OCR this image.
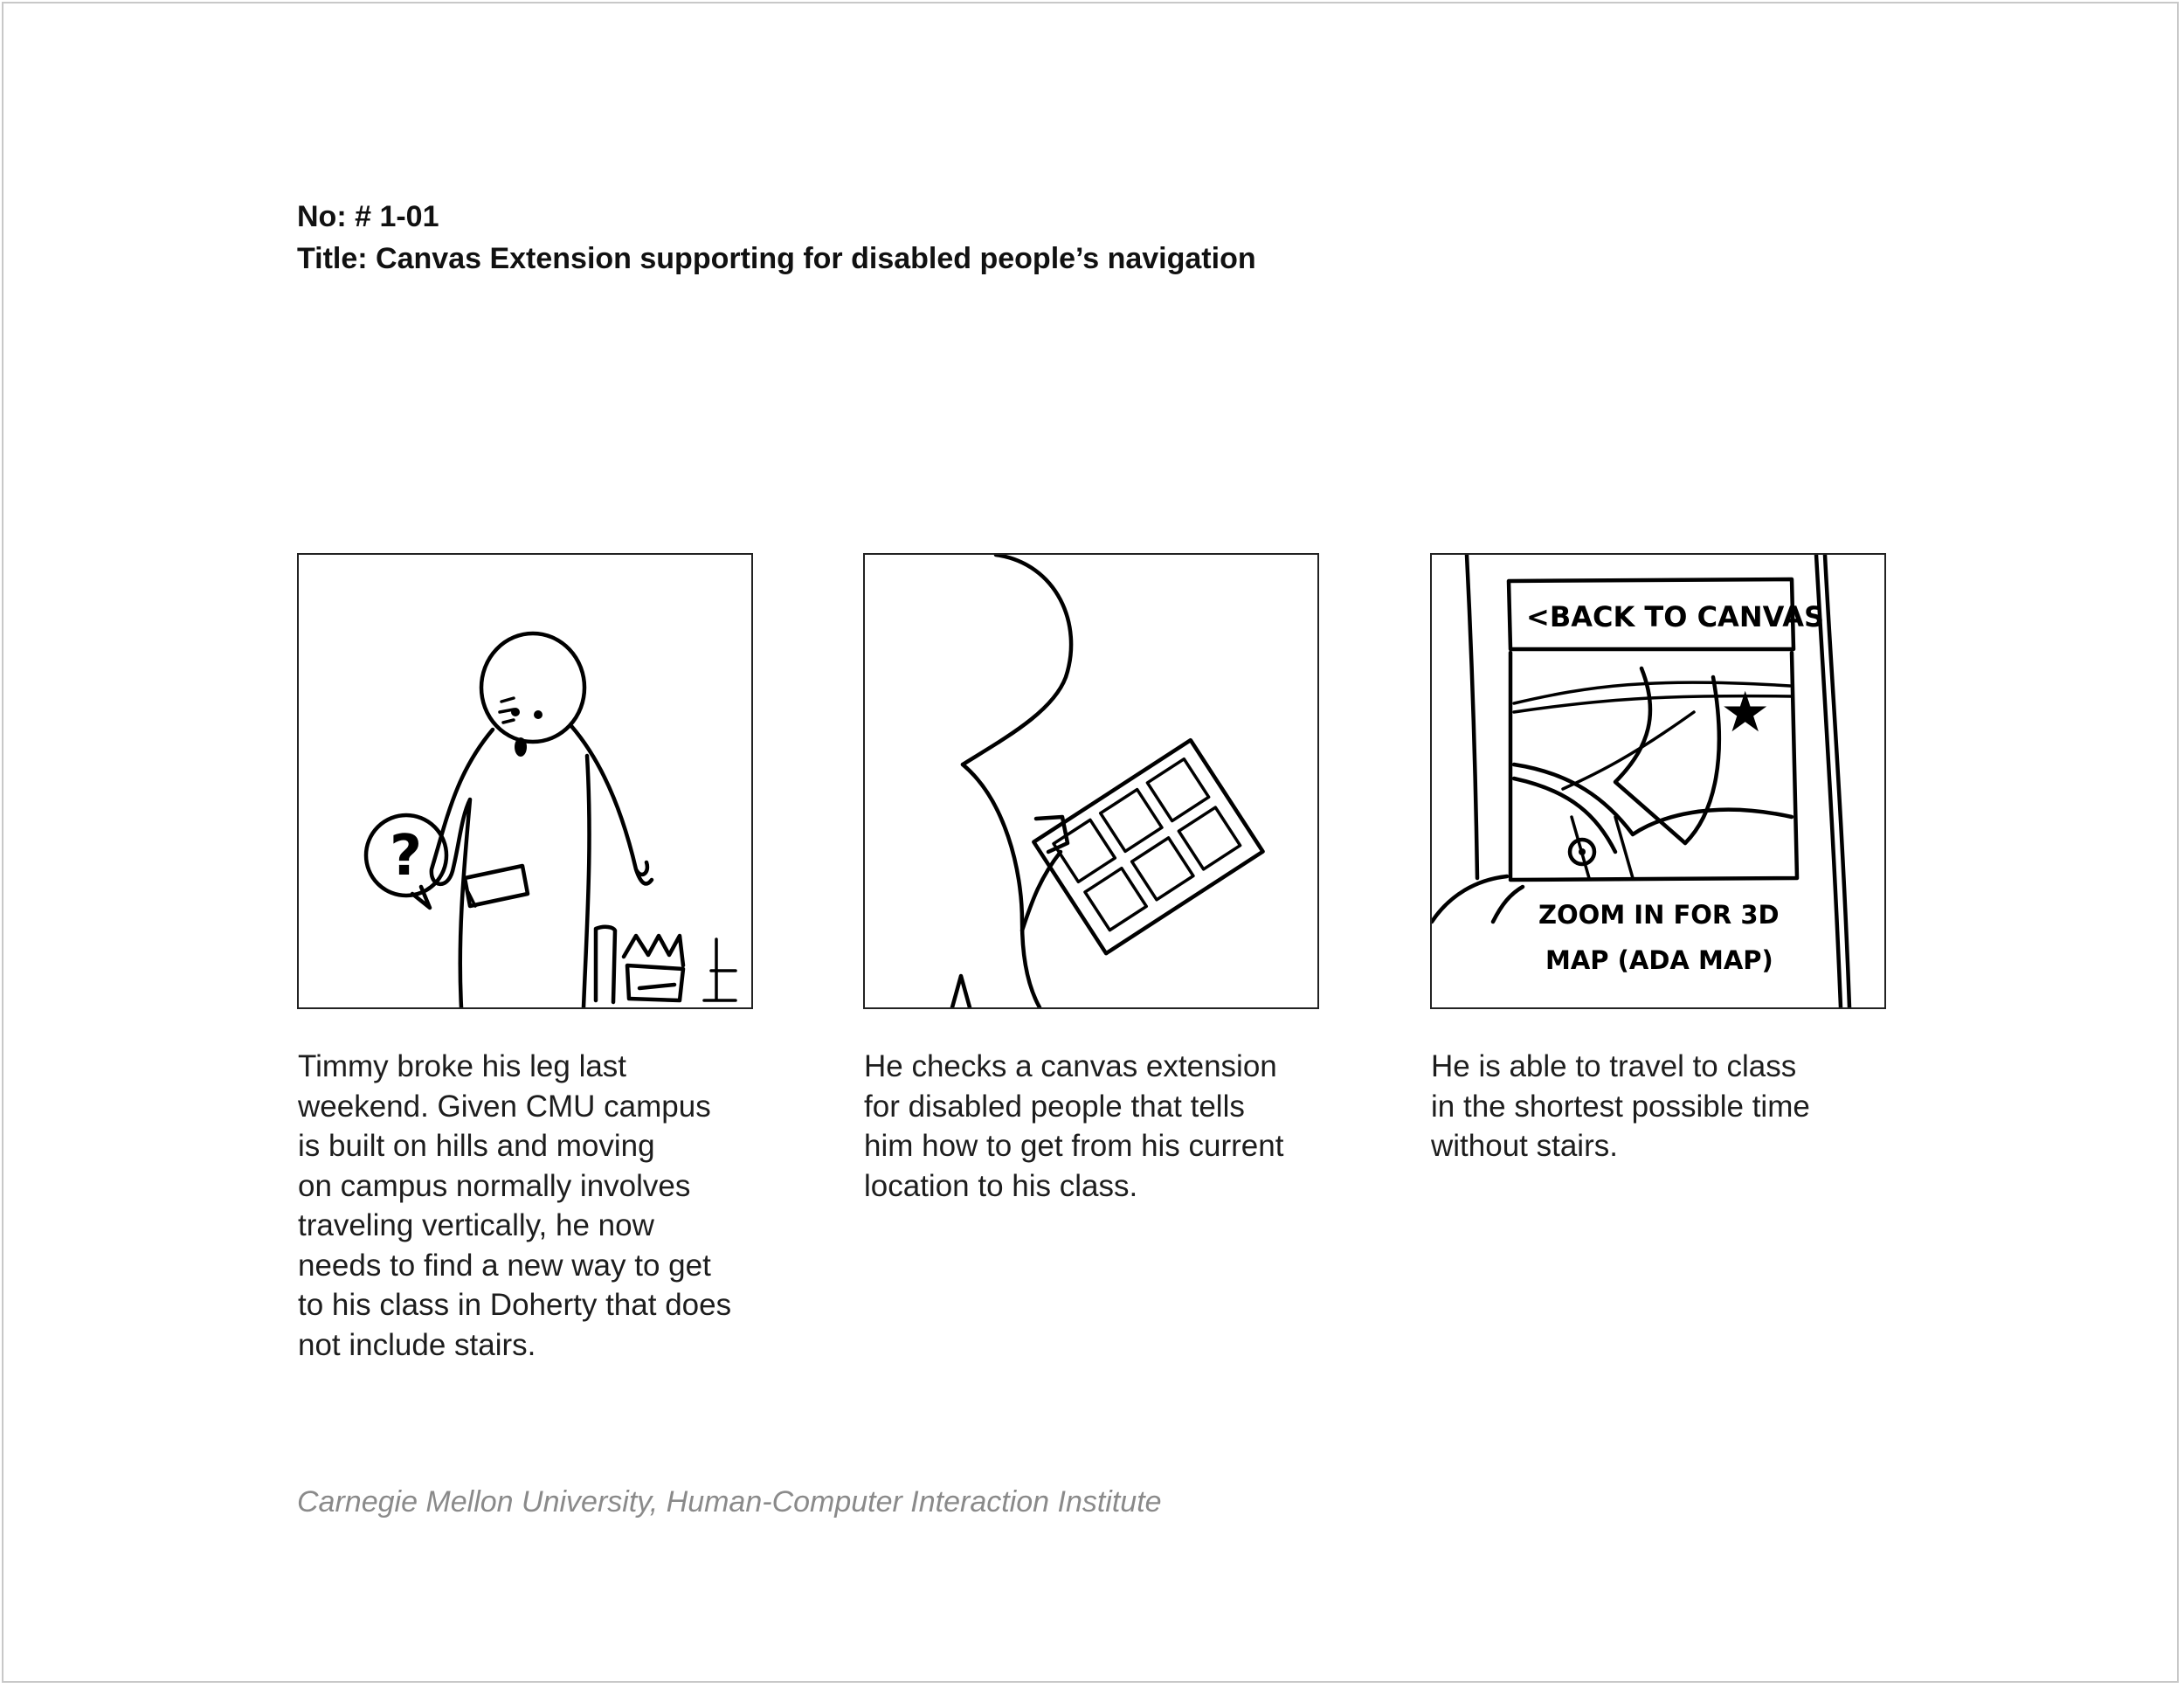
No: # 1-01
Title: Canvas Extension supporting for disabled people’s navigation
?
<BACK TO CANVAS
★
ZOOM IN FOR 3D
MAP (ADA MAP)
Timmy broke his leg last
weekend. Given CMU campus
is built on hills and moving
on campus normally involves
traveling vertically, he now
needs to find a new way to get
to his class in Doherty that does
not include stairs.
He checks a canvas extension
for disabled people that tells
him how to get from his current
location to his class.
He is able to travel to class
in the shortest possible time
without stairs.
Carnegie Mellon University, Human-Computer Interaction Institute
